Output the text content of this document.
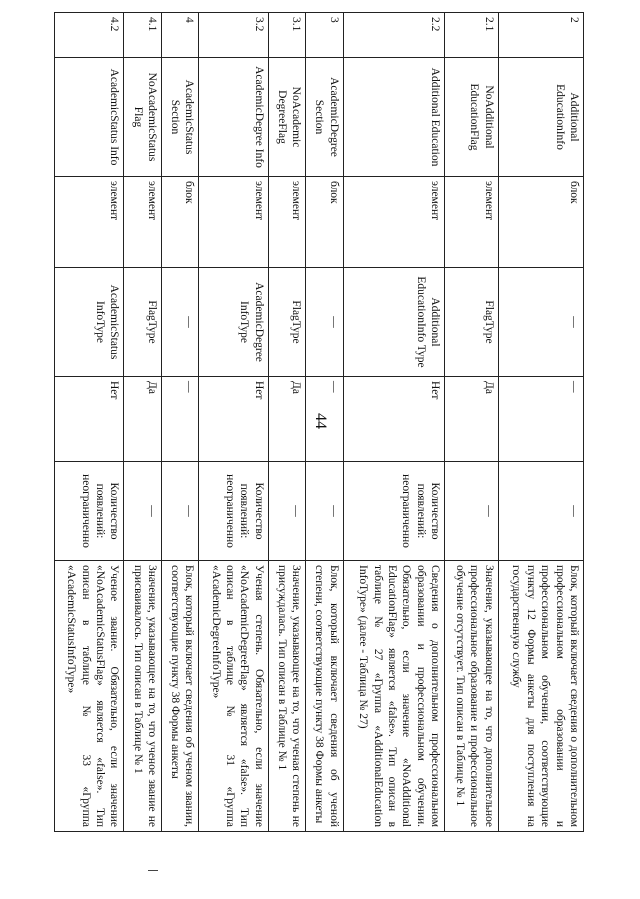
44
2	Additional EducationInfo	блок	—	—	—	Блок, который включает сведения о дополнительном профессиональном образовании и профессиональном обучении, соответствующие пункту 12 Формы анкеты для поступления на государственную службу
2.1	NoAdditional EducationFlag	элемент	FlagType	Да	—	Значение, указывающее на то, что дополнительное профессиональное образование и профессиональное обучение отсутствует. Тип описан в Таблице № 1
2.2	Additional Education	элемент	Additional EducationInfo Type	Нет	Количество появлений: неограниченно	Сведения о дополнительном профессиональном образовании и профессиональном обучении. Обязательно, если значение «NoAdditional EducationFlag» является «false». Тип описан в таблице № 27 «Группа «AdditionalEducation InfoType» (далее - Таблица № 27)
3	AcademicDegree Section	блок	—	—	—	Блок, который включает сведения об ученой степени, соответствующие пункту 38 Формы анкеты
3.1	NoAcademic DegreeFlag	элемент	FlagType	Да	—	Значение, указывающее на то, что ученая степень не присуждалась. Тип описан в Таблице № 1
3.2	AcademicDegree Info	элемент	AcademicDegree InfoType	Нет	Количество появлений: неограниченно	Ученая степень. Обязательно, если значение «NoAcademicDegreeFlag» является «false». Тип описан в таблице № 31 «Группа «AcademicDegreeInfoType»
4	AcademicStatus Section	блок	—	—	—	Блок, который включает сведения об ученом звании, соответствующие пункту 38 Формы анкеты
4.1	NoAcademicStatus Flag	элемент	FlagType	Да	—	Значение, указывающее на то, что ученое звание не присваивалось. Тип описан в Таблице № 1
4.2	AcademicStatus Info	элемент	AcademicStatus InfoType	Нет	Количество появлений: неограниченно	Ученое звание. Обязательно, если значение «NoAcademicStatusFlag» является «false». Тип описан в таблице № 33 «Группа «AcademicStatusInfoType»
